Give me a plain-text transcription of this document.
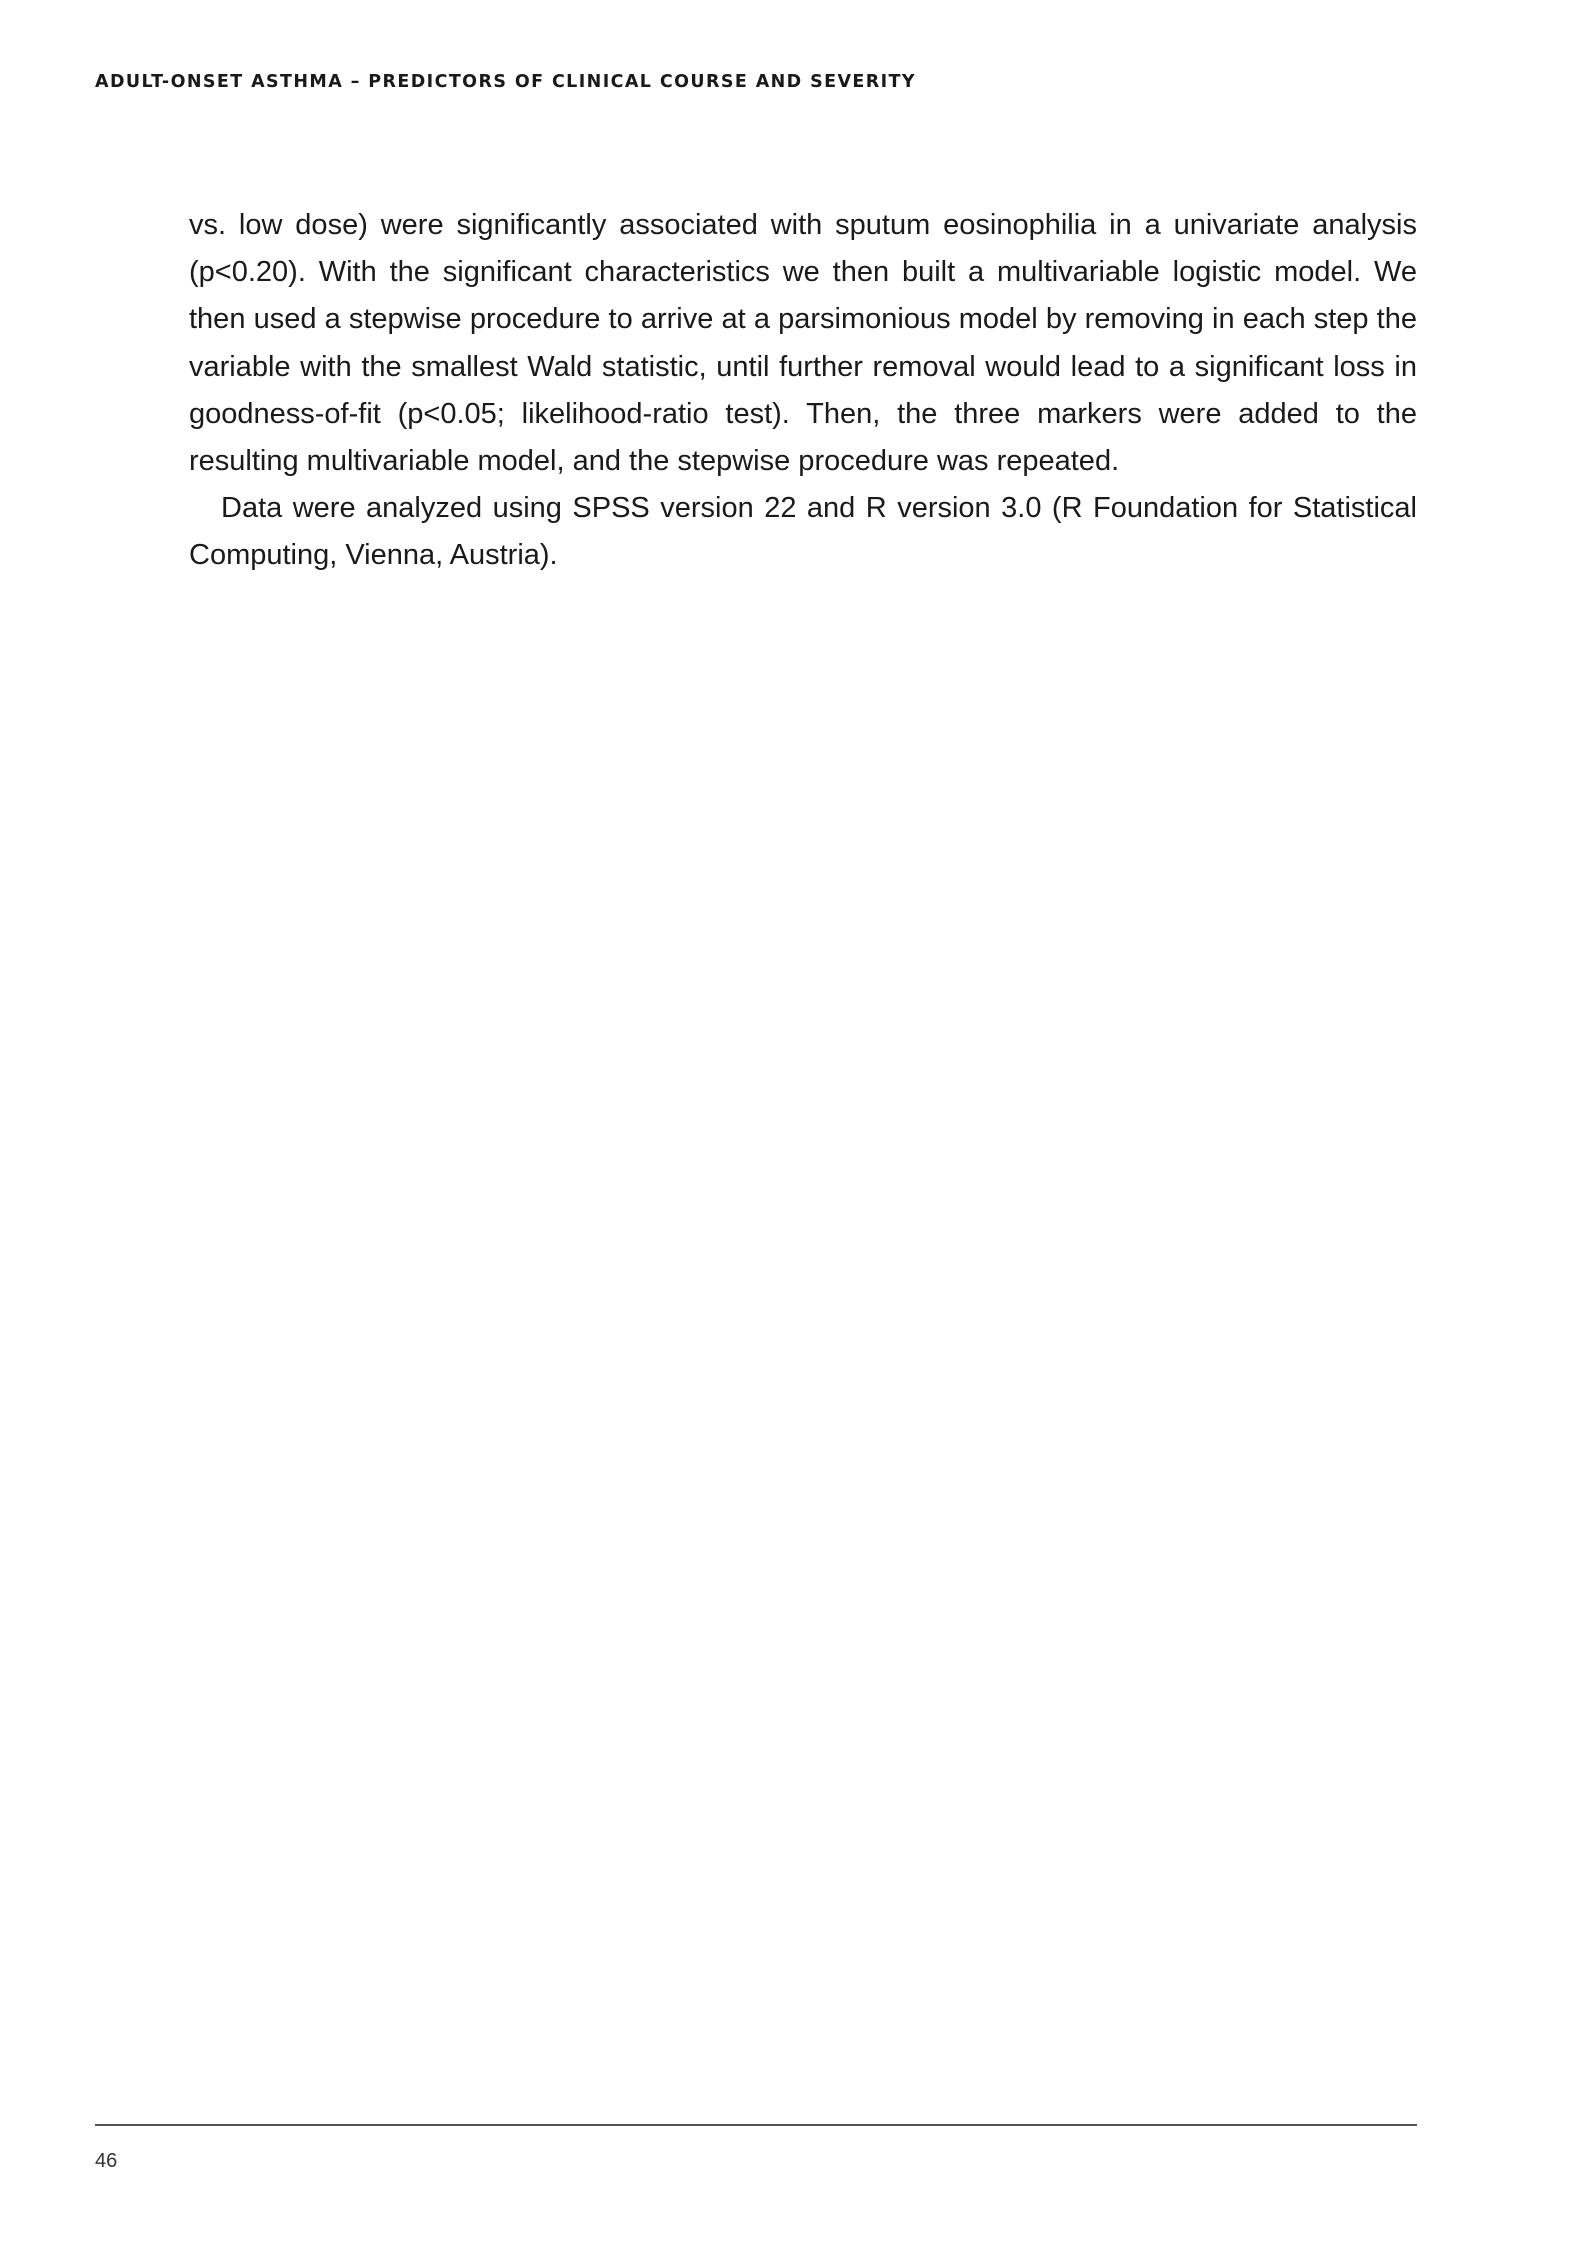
ADULT-ONSET ASTHMA – PREDICTORS OF CLINICAL COURSE AND SEVERITY

vs. low dose) were significantly associated with sputum eosinophilia in a univariate analysis (p<0.20). With the significant characteristics we then built a multivariable logistic model. We then used a stepwise procedure to arrive at a parsimonious model by removing in each step the variable with the smallest Wald statistic, until further removal would lead to a significant loss in goodness-of-fit (p<0.05; likelihood-ratio test). Then, the three markers were added to the resulting multivariable model, and the stepwise procedure was repeated.

Data were analyzed using SPSS version 22 and R version 3.0 (R Foundation for Statistical Computing, Vienna, Austria).

46
